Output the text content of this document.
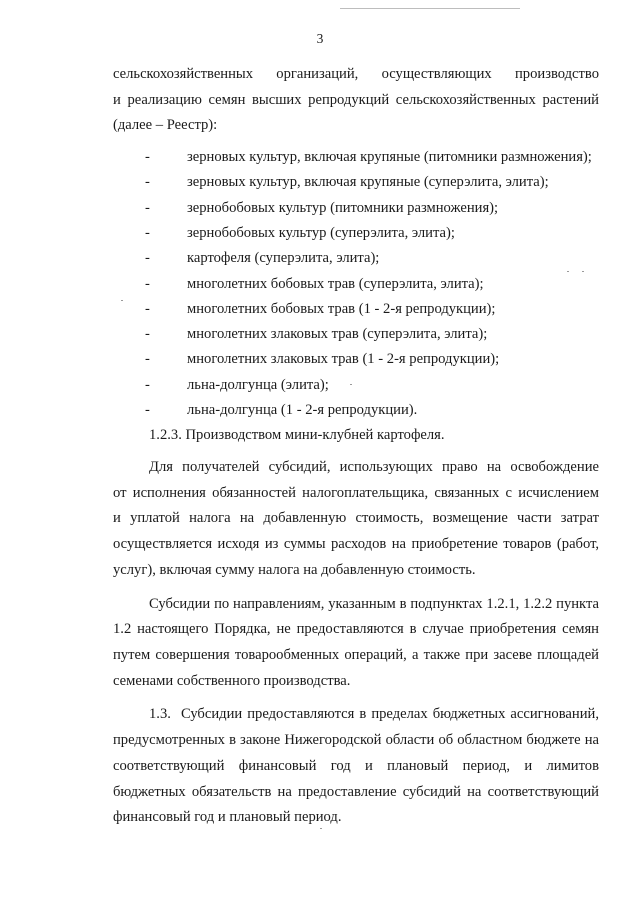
3
сельскохозяйственных организаций, осуществляющих производство
и реализацию семян высших репродукций сельскохозяйственных растений
(далее – Реестр):
-	зерновых культур, включая крупяные (питомники размножения);
-	зерновых культур, включая крупяные (суперэлита, элита);
-	зернобобовых культур (питомники размножения);
-	зернобобовых культур (суперэлита, элита);
-	картофеля (суперэлита, элита);
-	многолетних бобовых трав (суперэлита, элита);
-	многолетних бобовых трав (1 - 2-я репродукции);
-	многолетних злаковых трав (суперэлита, элита);
-	многолетних злаковых трав (1 - 2-я репродукции);
-	льна-долгунца (элита);
-	льна-долгунца (1 - 2-я репродукции).
1.2.3. Производством мини-клубней картофеля.
Для получателей субсидий, использующих право на освобождение
от исполнения обязанностей налогоплательщика, связанных с исчислением
и уплатой налога на добавленную стоимость, возмещение части затрат
осуществляется исходя из суммы расходов на приобретение товаров (работ,
услуг), включая сумму налога на добавленную стоимость.
Субсидии по направлениям, указанным в подпунктах 1.2.1, 1.2.2 пункта
1.2 настоящего Порядка, не предоставляются в случае приобретения семян
путем совершения товарообменных операций, а также при засеве площадей
семенами собственного производства.
1.3.  Субсидии предоставляются в пределах бюджетных ассигнований,
предусмотренных в законе Нижегородской области об областном бюджете на
соответствующий финансовый год и плановый период, и лимитов
бюджетных обязательств на предоставление субсидий на соответствующий
финансовый год и плановый период.
